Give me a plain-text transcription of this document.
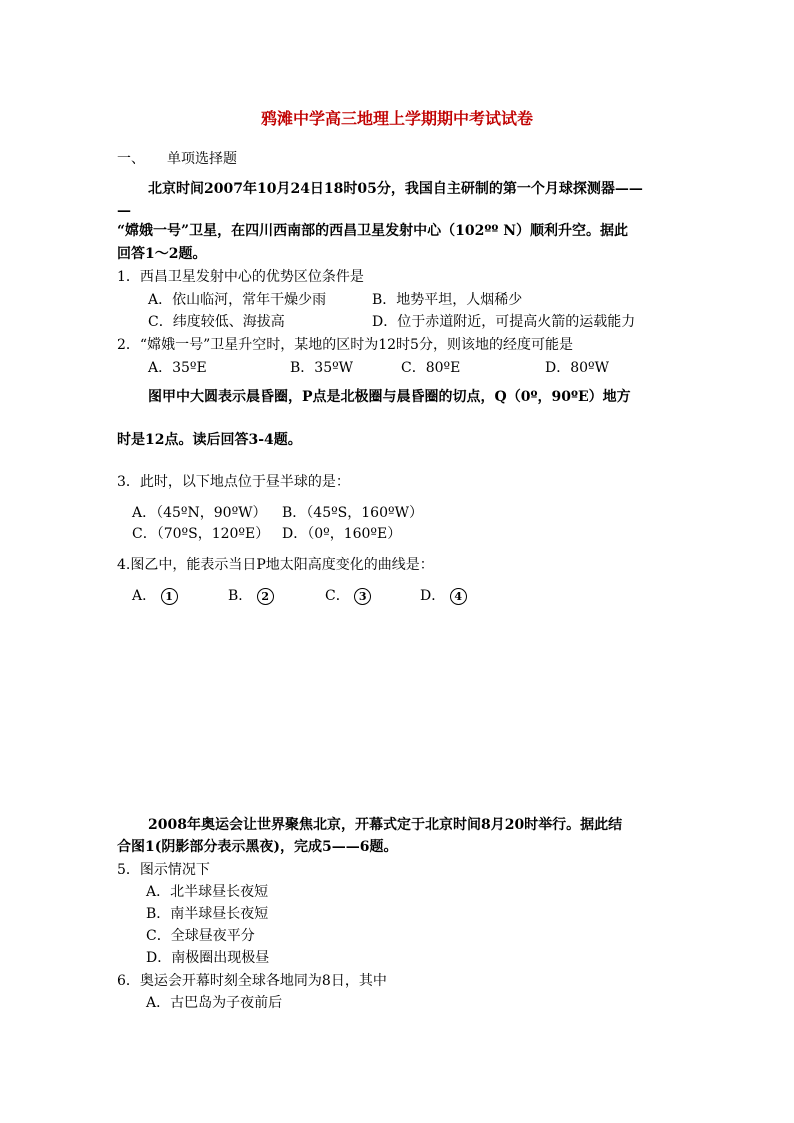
鸦滩中学高三地理上学期期中考试试卷
一、 单项选择题
北京时间2007年10月24日18时05分，我国自主研制的第一个月球探测器——
—
“嫦娥一号”卫星，在四川西南部的西昌卫星发射中心（102ºº N）顺利升空。据此
回答1～2题。
1．西昌卫星发射中心的优势区位条件是
A．依山临河，常年干燥少雨	B．地势平坦，人烟稀少
C．纬度较低、海拔高	D．位于赤道附近，可提高火箭的运载能力
2．“嫦娥一号”卫星升空时，某地的区时为12时5分，则该地的经度可能是
A．35ºE	B．35ºW	C．80ºE	D．80ºW
图甲中大圆表示晨昏圈，P点是北极圈与晨昏圈的切点，Q（0º，90ºE）地方
时是12点。读后回答3-4题。
3．此时，以下地点位于昼半球的是：
A．（45ºN，90ºW） B．（45ºS，160ºW）
C．（70ºS，120ºE） D．（0º，160ºE）
4.图乙中，能表示当日P地太阳高度变化的曲线是：
A． 1	B． 2	C． 3	D． 4
2008年奥运会让世界聚焦北京，开幕式定于北京时间8月20时举行。据此结
合图1(阴影部分表示黑夜)，完成5——6题。
5．图示情况下
A．北半球昼长夜短
B．南半球昼长夜短
C．全球昼夜平分
D．南极圈出现极昼
6．奥运会开幕时刻全球各地同为8日，其中
A．古巴岛为子夜前后
